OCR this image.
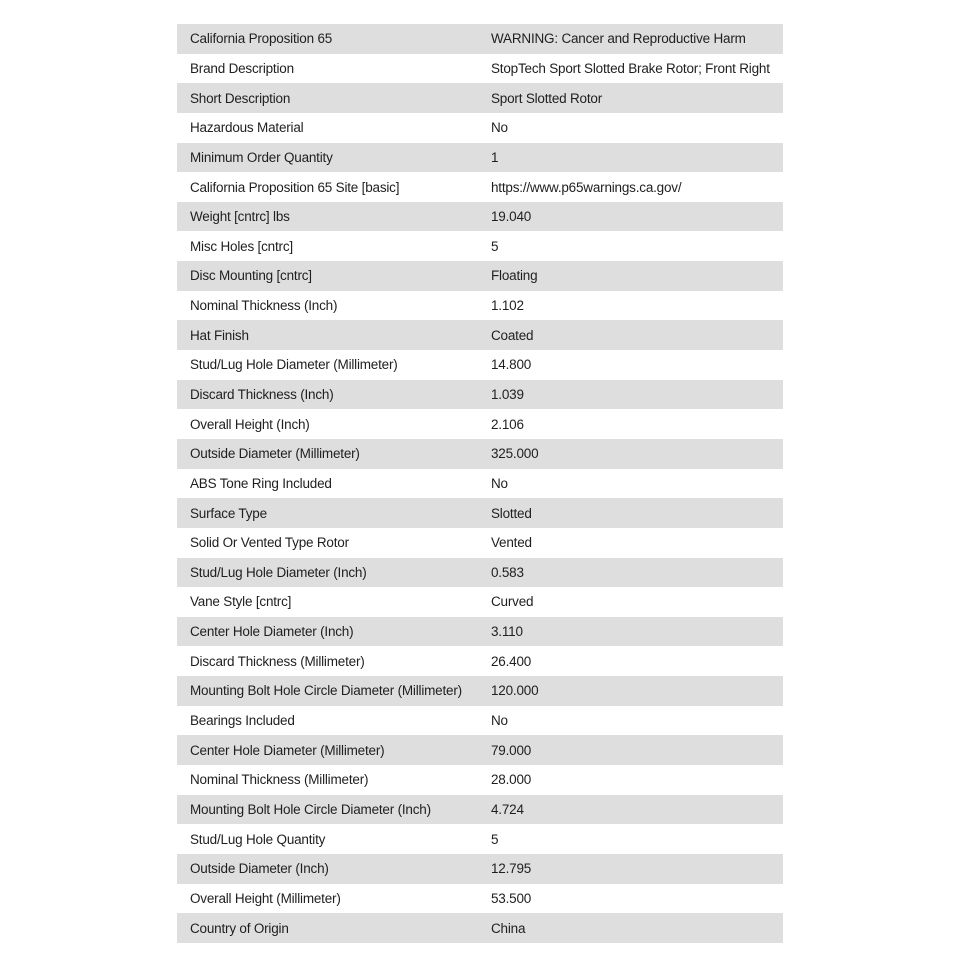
California Proposition 65	WARNING: Cancer and Reproductive Harm
Brand Description	StopTech Sport Slotted Brake Rotor; Front Right
Short Description	Sport Slotted Rotor
Hazardous Material	No
Minimum Order Quantity	1
California Proposition 65 Site [basic]	https://www.p65warnings.ca.gov/
Weight [cntrc] lbs	19.040
Misc Holes [cntrc]	5
Disc Mounting [cntrc]	Floating
Nominal Thickness (Inch)	1.102
Hat Finish	Coated
Stud/Lug Hole Diameter (Millimeter)	14.800
Discard Thickness (Inch)	1.039
Overall Height (Inch)	2.106
Outside Diameter (Millimeter)	325.000
ABS Tone Ring Included	No
Surface Type	Slotted
Solid Or Vented Type Rotor	Vented
Stud/Lug Hole Diameter (Inch)	0.583
Vane Style [cntrc]	Curved
Center Hole Diameter (Inch)	3.110
Discard Thickness (Millimeter)	26.400
Mounting Bolt Hole Circle Diameter (Millimeter)	120.000
Bearings Included	No
Center Hole Diameter (Millimeter)	79.000
Nominal Thickness (Millimeter)	28.000
Mounting Bolt Hole Circle Diameter (Inch)	4.724
Stud/Lug Hole Quantity	5
Outside Diameter (Inch)	12.795
Overall Height (Millimeter)	53.500
Country of Origin	China
